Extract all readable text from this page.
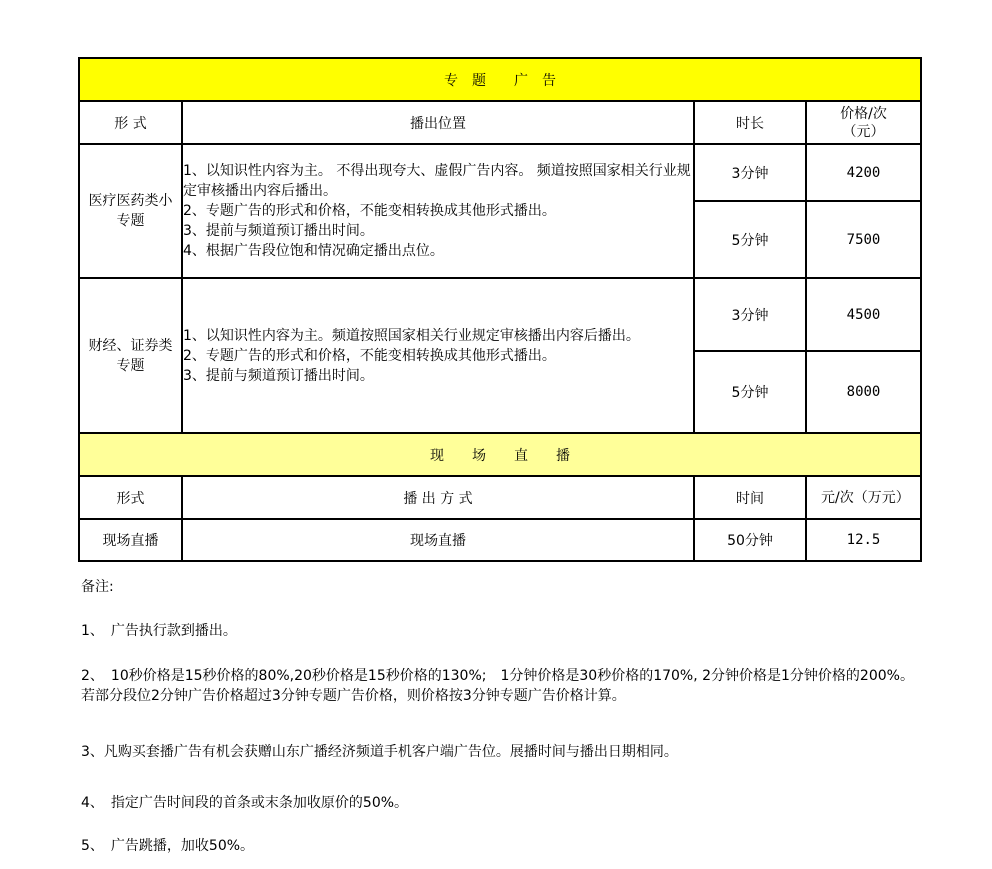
专　题　　广　告			
形 式	播出位置	时长	价格/次（元）
医疗医药类小专题	1、以知识性内容为主。 不得出现夸大、虚假广告内容。 频道按照国家相关行业规定审核播出内容后播出。
2、专题广告的形式和价格，不能变相转换成其他形式播出。
3、提前与频道预订播出时间。
4、根据广告段位饱和情况确定播出点位。	3分钟	4200
		5分钟	7500
财经、证券类专题	1、以知识性内容为主。频道按照国家相关行业规定审核播出内容后播出。
2、专题广告的形式和价格，不能变相转换成其他形式播出。
3、提前与频道预订播出时间。	3分钟	4500
		5分钟	8000
现　　场　　直　　播			
形式	播 出 方 式	时间	元/次（万元）
现场直播	现场直播	50分钟	12.5
备注:
1、　广告执行款到播出。
2、　10秒价格是15秒价格的80%,20秒价格是15秒价格的130%;　1分钟价格是30秒价格的170%, 2分钟价格是1分钟价格的200%。若部分段位2分钟广告价格超过3分钟专题广告价格，则价格按3分钟专题广告价格计算。
3、凡购买套播广告有机会获赠山东广播经济频道手机客户端广告位。展播时间与播出日期相同。
4、　指定广告时间段的首条或末条加收原价的50%。
5、　广告跳播，加收50%。
